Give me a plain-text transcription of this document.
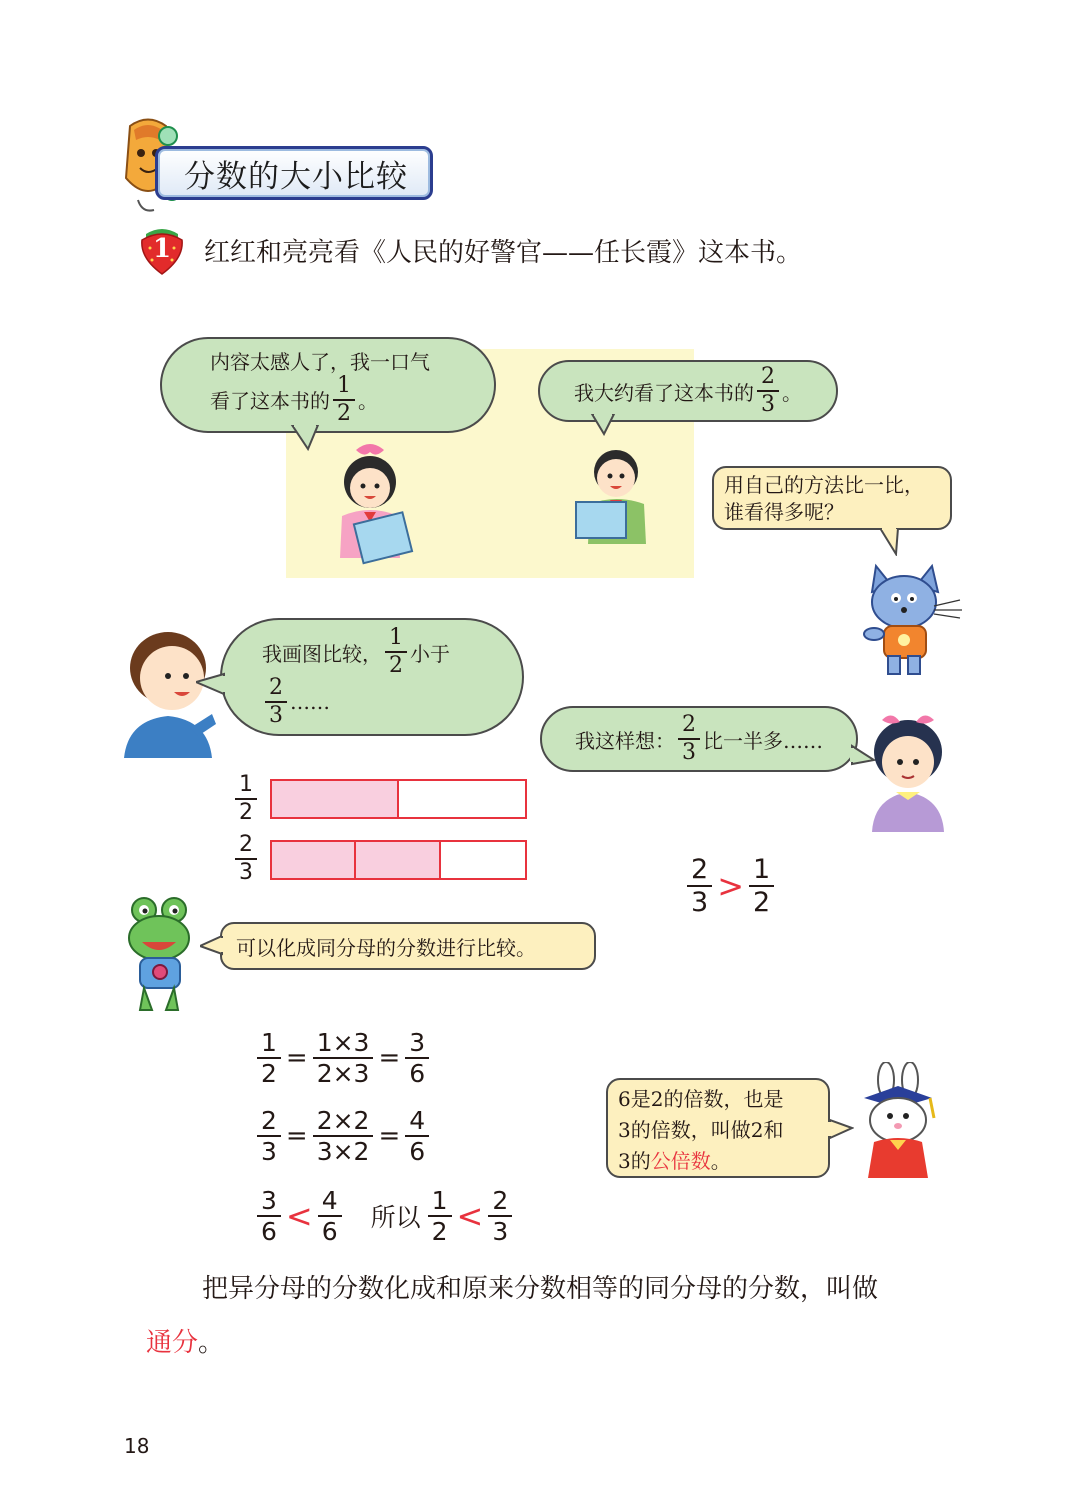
分数的大小比较
1	红红和亮亮看《人民的好警官——任长霞》这本书。
内容太感人了，我一口气
看了这本书的 $\frac{1}{2}$ 。	我大约看了这本书的 $\frac{2}{3}$ 。
用自己的方法比一比，
谁看得多呢？
我画图比较， $\frac{1}{2}$ 小于
$\frac{2}{3}$ ……
我这样想： $\frac{2}{3}$ 比一半多……
$\frac{1}{2}$
$\frac{2}{3}$	$\frac{2}{3} > \frac{1}{2}$
可以化成同分母的分数进行比较。
$\frac{1}{2} = \frac{1\times 3}{2\times 3} = \frac{3}{6}$
$\frac{2}{3} = \frac{2\times 2}{3\times 2} = \frac{4}{6}$
$\frac{3}{6} < \frac{4}{6}$ 所以 $\frac{1}{2} < \frac{2}{3}$
6是2的倍数，也是
3的倍数，叫做2和
3的公倍数。
把异分母的分数化成和原来分数相等的同分母的分数，叫做
通分。
18
